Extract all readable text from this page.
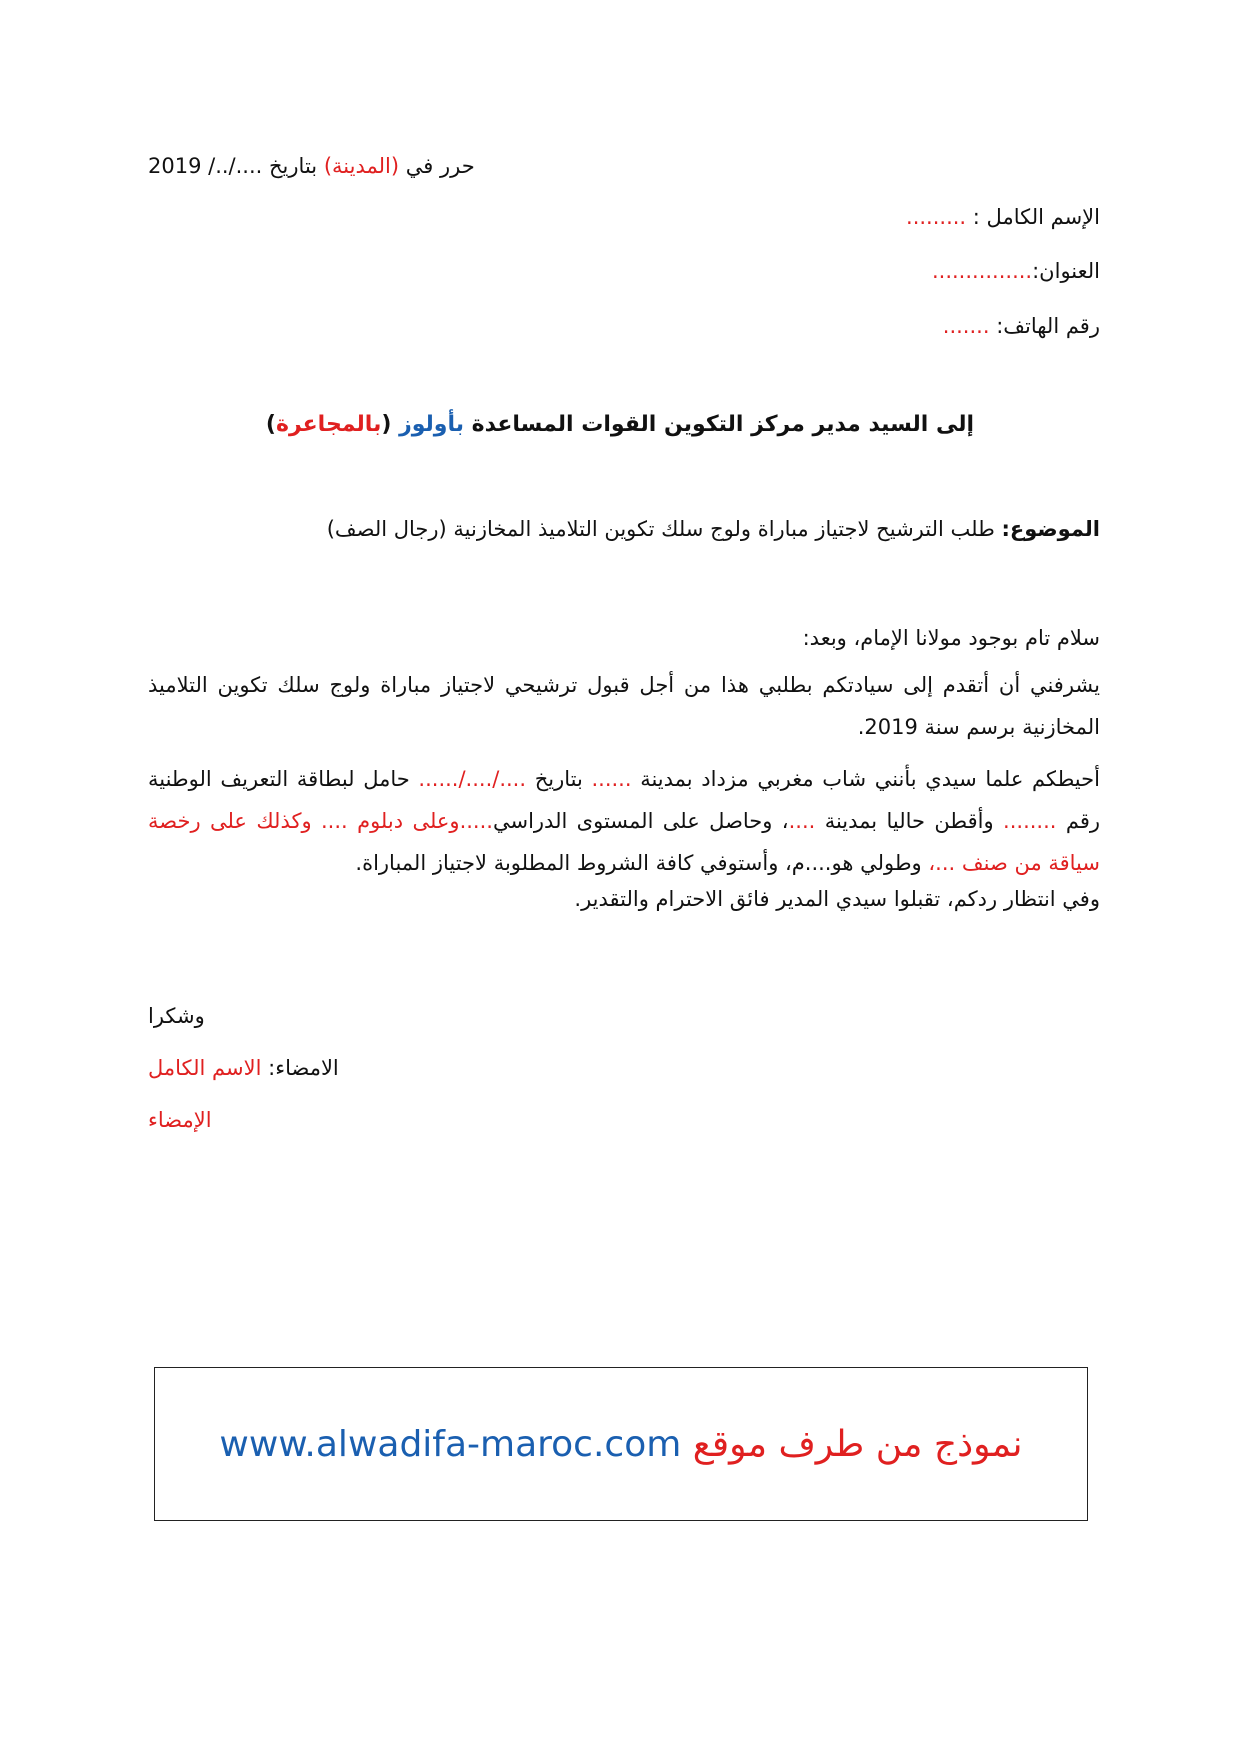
حرر في (المدينة) بتاريخ ..../../ 2019
الإسم الكامل : .........
العنوان:...............
رقم الهاتف: .......
إلى السيد مدير مركز التكوين القوات المساعدة بأولوز (بالمجاعرة)
الموضوع: طلب الترشيح لاجتياز مباراة ولوج سلك تكوين التلاميذ المخازنية (رجال الصف)
سلام تام بوجود مولانا الإمام، وبعد:
يشرفني أن أتقدم إلى سيادتكم بطلبي هذا من أجل قبول ترشيحي لاجتياز مباراة ولوج سلك تكوين التلاميذ المخازنية برسم سنة 2019.
أحيطكم علما سيدي بأنني شاب مغربي مزداد بمدينة ...... بتاريخ ..../..../...... حامل لبطاقة التعريف الوطنية رقم ........ وأقطن حاليا بمدينة ....، وحاصل على المستوى الدراسي.....وعلى دبلوم .... وكذلك على رخصة سياقة من صنف ...، وطولي هو....م، وأستوفي كافة الشروط المطلوبة لاجتياز المباراة.
وفي انتظار ردكم، تقبلوا سيدي المدير فائق الاحترام والتقدير.
وشكرا
الامضاء: الاسم الكامل
الإمضاء
نموذج من طرف موقع www.alwadifa-maroc.com
